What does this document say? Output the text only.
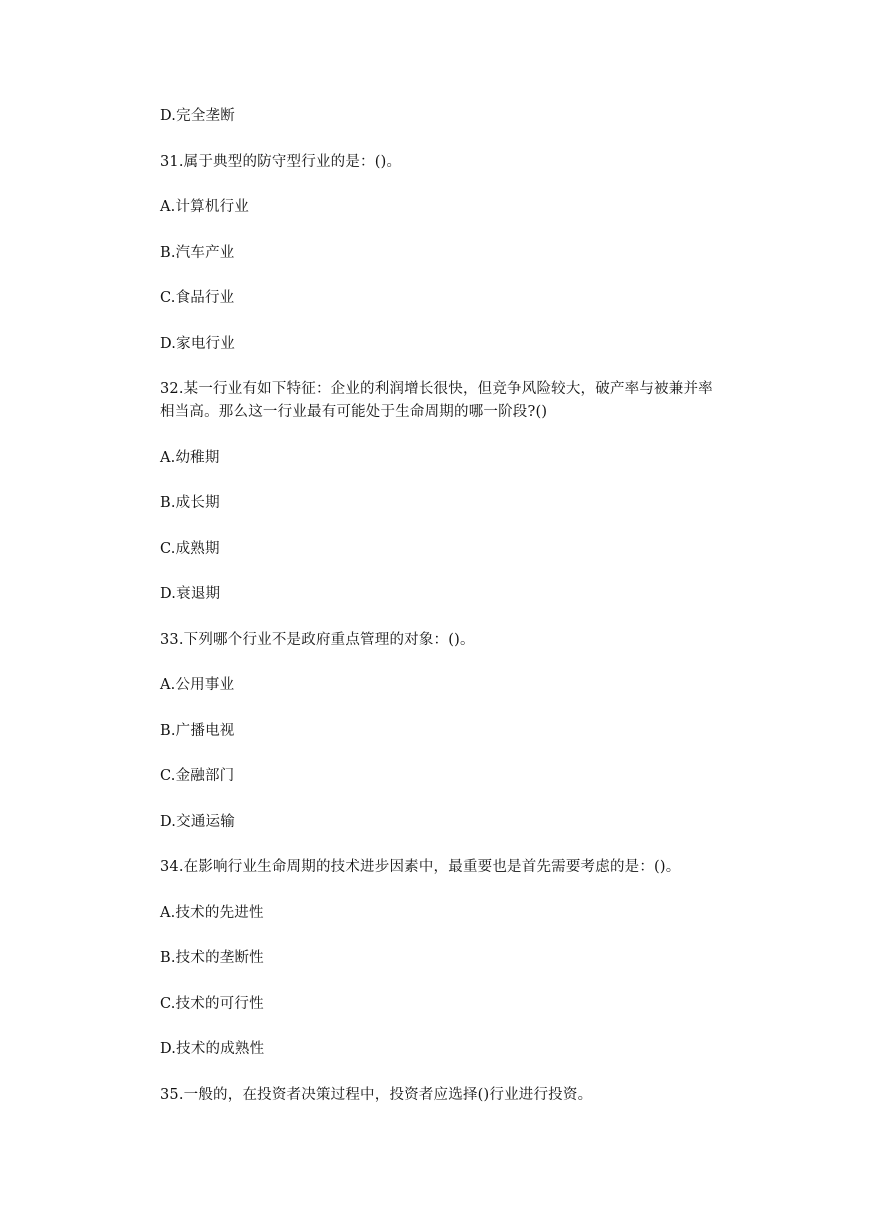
D.完全垄断
31.属于典型的防守型行业的是：()。
A.计算机行业
B.汽车产业
C.食品行业
D.家电行业
32.某一行业有如下特征：企业的利润增长很快，但竞争风险较大，破产率与被兼并率
相当高。那么这一行业最有可能处于生命周期的哪一阶段?()
A.幼稚期
B.成长期
C.成熟期
D.衰退期
33.下列哪个行业不是政府重点管理的对象：()。
A.公用事业
B.广播电视
C.金融部门
D.交通运输
34.在影响行业生命周期的技术进步因素中，最重要也是首先需要考虑的是：()。
A.技术的先进性
B.技术的垄断性
C.技术的可行性
D.技术的成熟性
35.一般的，在投资者决策过程中，投资者应选择()行业进行投资。
